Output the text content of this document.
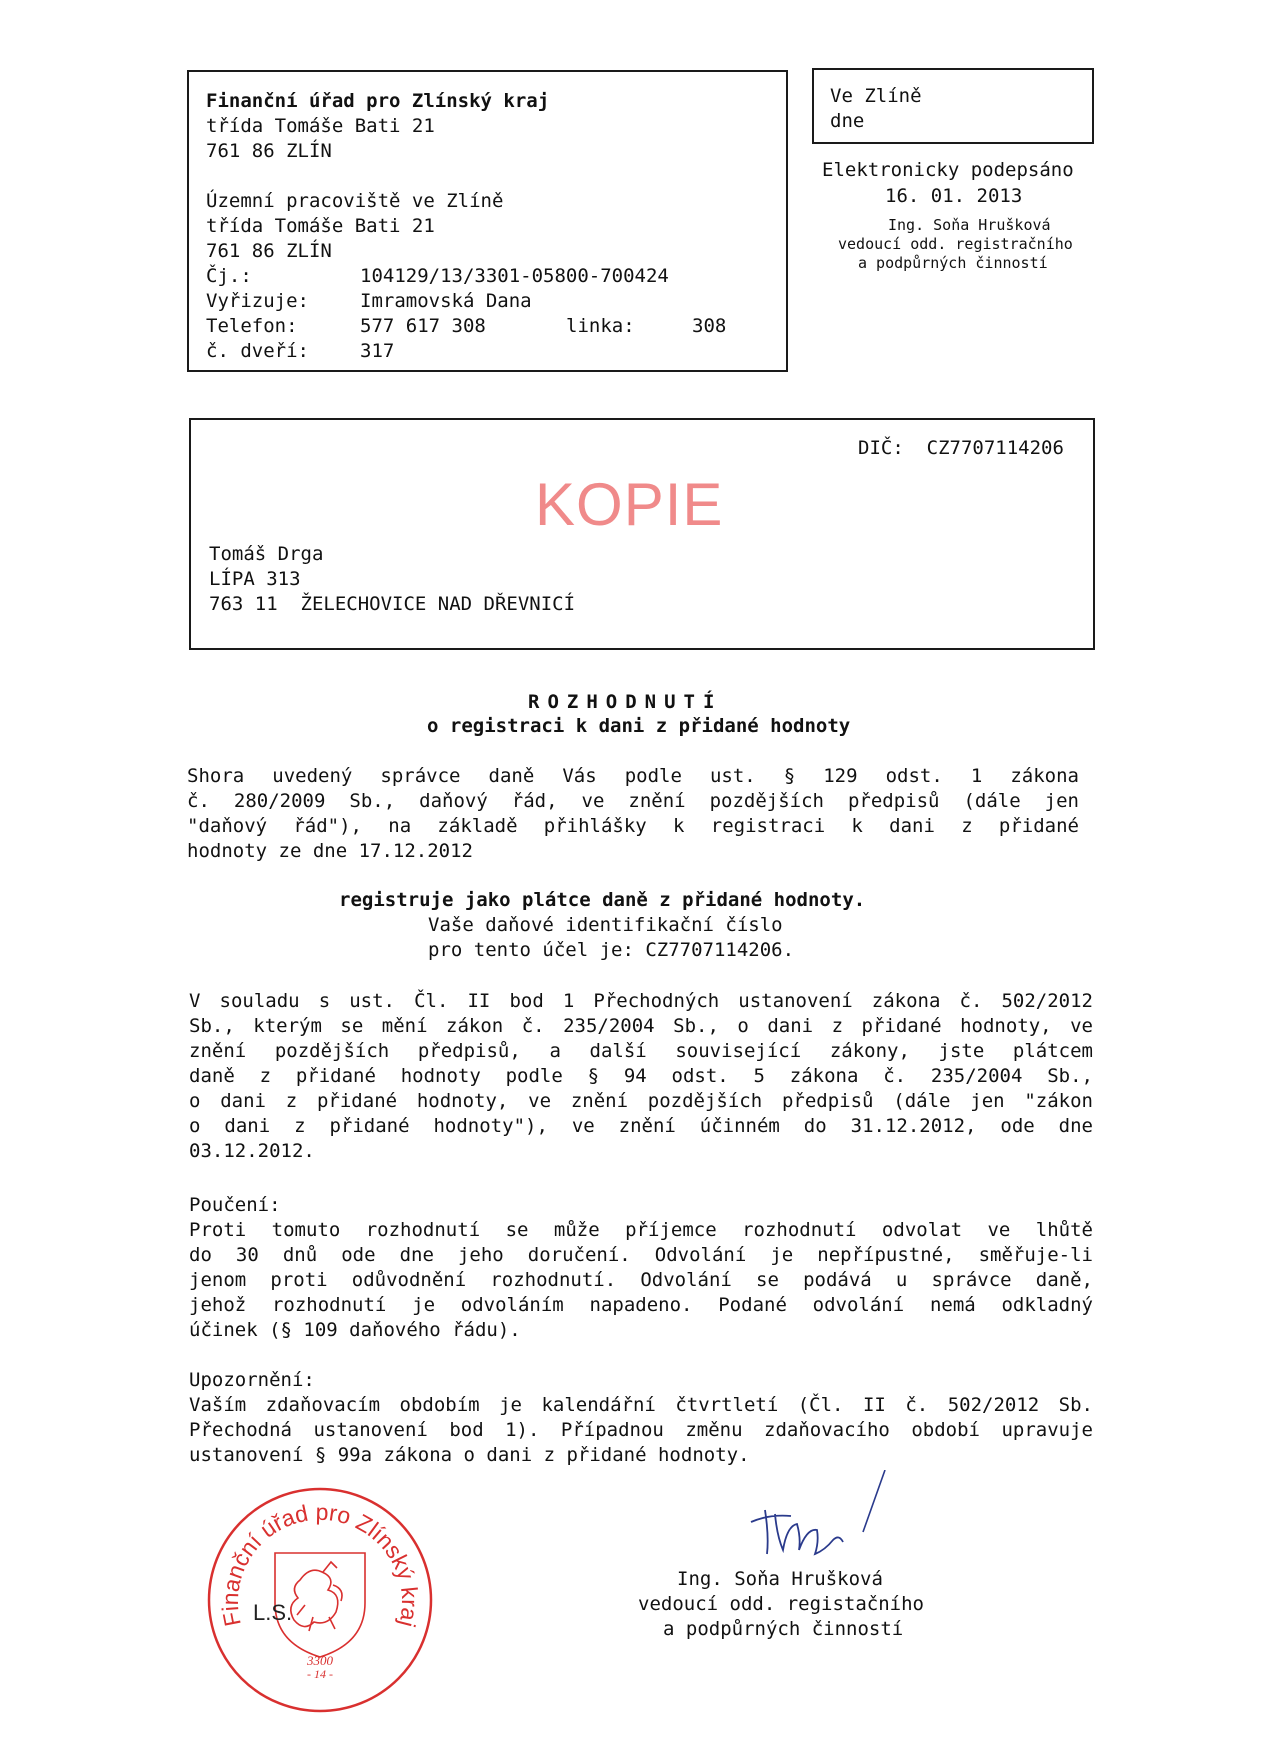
Finanční úřad pro Zlínský kraj
třída Tomáše Bati 21
761 86 ZLÍN
Územní pracoviště ve Zlíně
třída Tomáše Bati 21
761 86 ZLÍN
Čj.:	104129/13/3301-05800-700424
Vyřizuje:	Imramovská Dana
Telefon:	577 617 308	linka:	308
č. dveří:	317
Ve Zlíně
dne
Elektronicky podepsáno
16. 01. 2013
Ing. Soňa Hrušková
vedoucí odd. registračního
a podpůrných činností
DIČ:  CZ7707114206
KOPIE
Tomáš Drga
LÍPA 313
763 11  ŽELECHOVICE NAD DŘEVNICÍ
ROZHODNUTÍ
o registraci k dani z přidané hodnoty
Shora uvedený správce daně Vás podle ust. § 129 odst. 1 zákona
č. 280/2009 Sb., daňový řád, ve znění pozdějších předpisů (dále jen
"daňový řád"), na základě přihlášky k registraci k dani z přidané
hodnoty ze dne 17.12.2012
registruje jako plátce daně z přidané hodnoty.
Vaše daňové identifikační číslo
pro tento účel je: CZ7707114206.
V souladu s ust. Čl. II bod 1 Přechodných ustanovení zákona č. 502/2012
Sb., kterým se mění zákon č. 235/2004 Sb., o dani z přidané hodnoty, ve
znění pozdějších předpisů, a další související zákony, jste plátcem
daně z přidané hodnoty podle § 94 odst. 5 zákona č. 235/2004 Sb.,
o dani z přidané hodnoty, ve znění pozdějších předpisů (dále jen "zákon
o dani z přidané hodnoty"), ve znění účinném do 31.12.2012, ode dne
03.12.2012.
Poučení:
Proti tomuto rozhodnutí se může příjemce rozhodnutí odvolat ve lhůtě
do 30 dnů ode dne jeho doručení. Odvolání je nepřípustné, směřuje-li
jenom proti odůvodnění rozhodnutí. Odvolání se podává u správce daně,
jehož rozhodnutí je odvoláním napadeno. Podané odvolání nemá odkladný
účinek (§ 109 daňového řádu).
Upozornění:
Vaším zdaňovacím obdobím je kalendářní čtvrtletí (Čl. II č. 502/2012 Sb.
Přechodná ustanovení bod 1). Případnou změnu zdaňovacího období upravuje
ustanovení § 99a zákona o dani z přidané hodnoty.
Finanční úřad pro Zlínský kraj
L.S.
3300
- 14 -
Ing. Soňa Hrušková
vedoucí odd. registačního
a podpůrných činností
